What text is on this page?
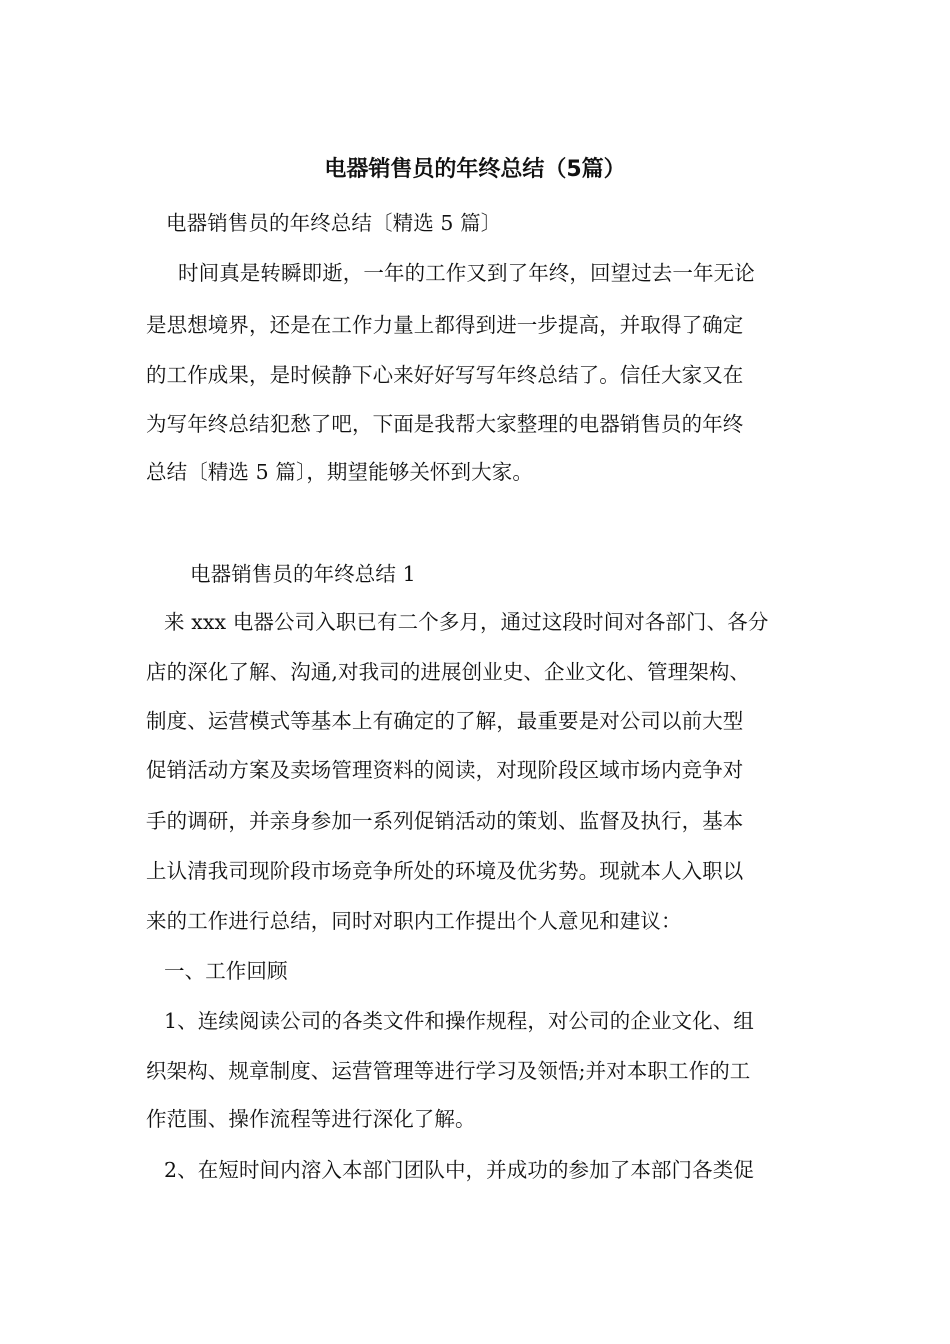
电器销售员的年终总结（5篇）
电器销售员的年终总结〔精选 5 篇〕
时间真是转瞬即逝，一年的工作又到了年终，回望过去一年无论
是思想境界，还是在工作力量上都得到进一步提高，并取得了确定
的工作成果，是时候静下心来好好写写年终总结了。信任大家又在
为写年终总结犯愁了吧，下面是我帮大家整理的电器销售员的年终
总结〔精选 5 篇〕，期望能够关怀到大家。
电器销售员的年终总结 1
来 xxx 电器公司入职已有二个多月，通过这段时间对各部门、各分
店的深化了解、沟通,对我司的进展创业史、企业文化、管理架构、
制度、运营模式等基本上有确定的了解，最重要是对公司以前大型
促销活动方案及卖场管理资料的阅读，对现阶段区域市场内竞争对
手的调研，并亲身参加一系列促销活动的策划、监督及执行，基本
上认清我司现阶段市场竞争所处的环境及优劣势。现就本人入职以
来的工作进行总结，同时对职内工作提出个人意见和建议：
一、工作回顾
1、连续阅读公司的各类文件和操作规程，对公司的企业文化、组
织架构、规章制度、运营管理等进行学习及领悟;并对本职工作的工
作范围、操作流程等进行深化了解。
2、在短时间内溶入本部门团队中，并成功的参加了本部门各类促
